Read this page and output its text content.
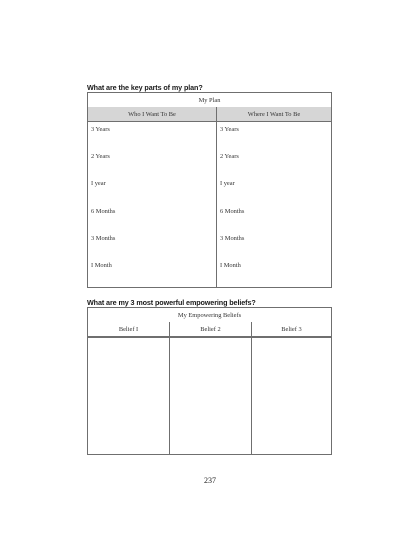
What are the key parts of my plan?
My Plan
Who I Want To Be	Where I Want To Be
3 Years	3 Years
2 Years	2 Years
I year	I year
6 Months	6 Months
3 Months	3 Months
I Month	I Month
What are my 3 most powerful empowering beliefs?
My Empowering Beliefs
Belief I	Belief 2	Belief 3
237
